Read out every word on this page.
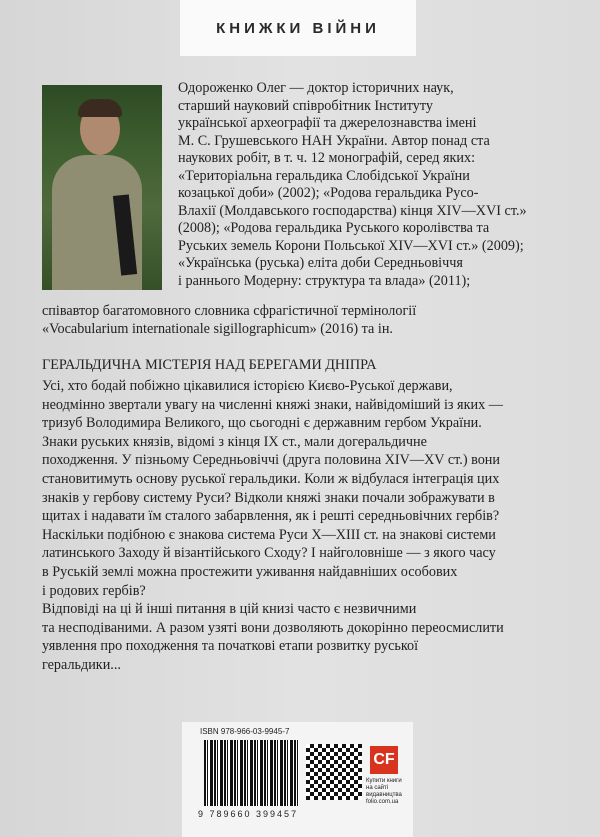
КНИЖКИ ВІЙНИ
Одороженко Олег — доктор історичних наук,
старший науковий співробітник Інституту
української археографії та джерелознавства імені
М. С. Грушевського НАН України. Автор понад ста
наукових робіт, в т. ч. 12 монографій, серед яких:
«Територіальна геральдика Слобідської України
козацької доби» (2002); «Родова геральдика Русо-
Влахії (Молдавського господарства) кінця XIV—XVI ст.»
(2008); «Родова геральдика Руського королівства та
Руських земель Корони Польської XIV—XVI ст.» (2009);
«Українська (руська) еліта доби Середньовіччя
і раннього Модерну: структура та влада» (2011);
співавтор багатомовного словника сфрагістичної термінології
«Vocabularium internationale sigillographicum» (2016) та ін.
ГЕРАЛЬДИЧНА МІСТЕРІЯ НАД БЕРЕГАМИ ДНІПРА
Усі, хто бодай побіжно цікавилися історією Києво-Руської держави,
неодмінно звертали увагу на численні княжі знаки, найвідоміший із яких —
тризуб Володимира Великого, що сьогодні є державним гербом України.
Знаки руських князів, відомі з кінця IX ст., мали догеральдичне
походження. У пізньому Середньовіччі (друга половина XIV—XV ст.) вони
становитимуть основу руської геральдики. Коли ж відбулася інтеграція цих
знаків у гербову систему Руси? Відколи княжі знаки почали зображувати в
щитах і надавати їм сталого забарвлення, як і решті середньовічних гербів?
Наскільки подібною є знакова система Руси X—XIII ст. на знакові системи
латинського Заходу й візантійського Сходу? І найголовніше — з якого часу
в Руській землі можна простежити уживання найдавніших особових
і родових гербів?
Відповіді на ці й інші питання в цій книзі часто є незвичними
та несподіваними. А разом узяті вони дозволяють докорінно переосмислити
уявлення про походження та початкові етапи розвитку руської
геральдики...
ISBN 978-966-03-9945-7
9 789660 399457
CF
Купити книги
на сайті
видавництва
folio.com.ua
